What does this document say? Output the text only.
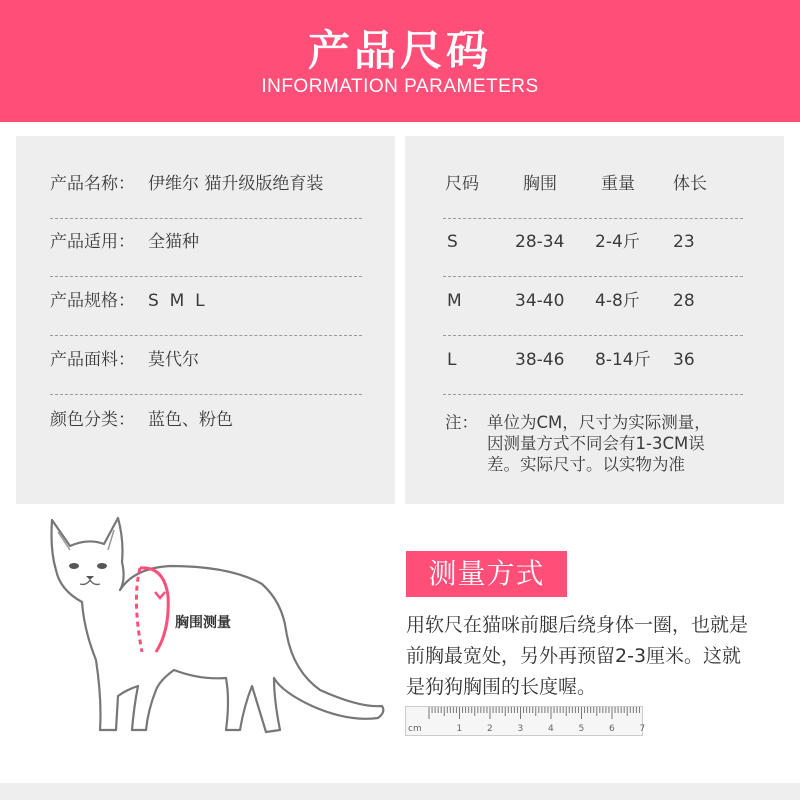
产品尺码
INFORMATION PARAMETERS
产品名称： 伊维尔 猫升级版绝育装
产品适用： 全猫种
产品规格： S  M  L
产品面料： 莫代尔
颜色分类： 蓝色、粉色
尺码	胸围	重量 体长
S	28-34 2-4斤 23
M	34-40 4-8斤 28
L	38-46 8-14斤 36
注： 单位为CM，尺寸为实际测量，
因测量方式不同会有1-3CM误
差。实际尺寸。以实物为准
胸围测量
测量方式
用软尺在猫咪前腿后绕身体一圈，也就是
前胸最宽处，另外再预留2-3厘米。这就
是狗狗胸围的长度喔。
cm	1	2	3	4	5	6	7
